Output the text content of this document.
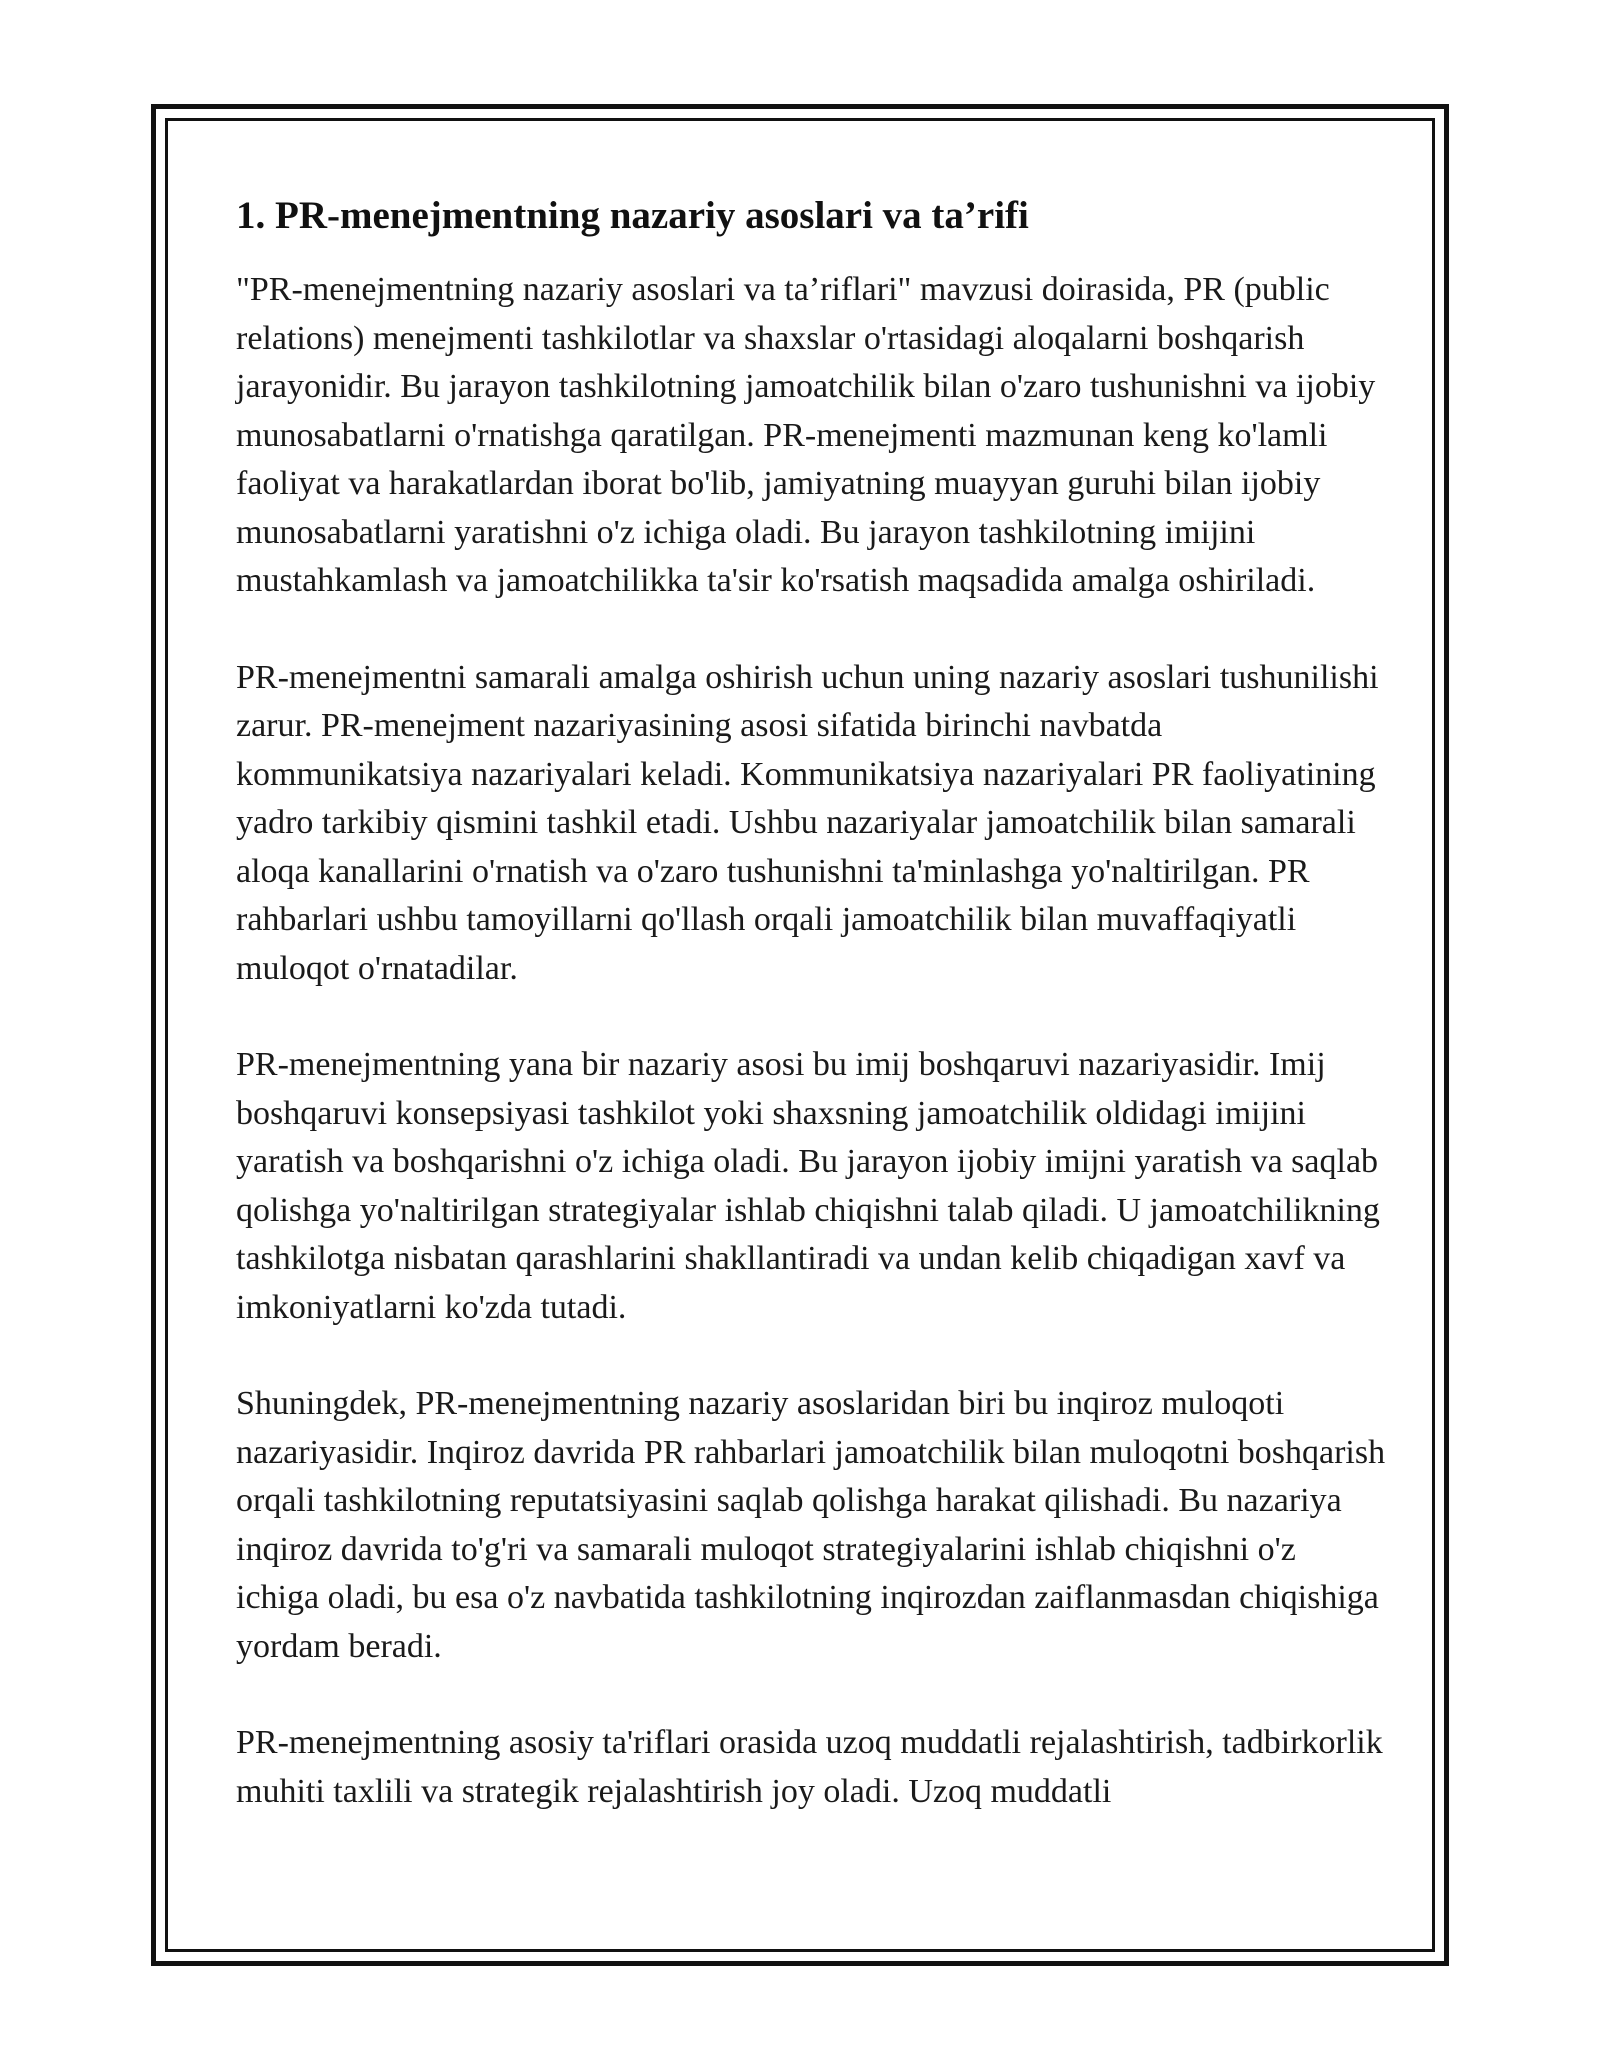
1. PR-menejmentning nazariy asoslari va ta’rifi

"PR-menejmentning nazariy asoslari va ta’riflari" mavzusi doirasida, PR (public relations) menejmenti tashkilotlar va shaxslar o'rtasidagi aloqalarni boshqarish jarayonidir. Bu jarayon tashkilotning jamoatchilik bilan o'zaro tushunishni va ijobiy munosabatlarni o'rnatishga qaratilgan. PR-menejmenti mazmunan keng ko'lamli faoliyat va harakatlardan iborat bo'lib, jamiyatning muayyan guruhi bilan ijobiy munosabatlarni yaratishni o'z ichiga oladi. Bu jarayon tashkilotning imijini mustahkamlash va jamoatchilikka ta'sir ko'rsatish maqsadida amalga oshiriladi.

PR-menejmentni samarali amalga oshirish uchun uning nazariy asoslari tushunilishi zarur. PR-menejment nazariyasining asosi sifatida birinchi navbatda kommunikatsiya nazariyalari keladi. Kommunikatsiya nazariyalari PR faoliyatining yadro tarkibiy qismini tashkil etadi. Ushbu nazariyalar jamoatchilik bilan samarali aloqa kanallarini o'rnatish va o'zaro tushunishni ta'minlashga yo'naltirilgan. PR rahbarlari ushbu tamoyillarni qo'llash orqali jamoatchilik bilan muvaffaqiyatli muloqot o'rnatadilar.

PR-menejmentning yana bir nazariy asosi bu imij boshqaruvi nazariyasidir. Imij boshqaruvi konsepsiyasi tashkilot yoki shaxsning jamoatchilik oldidagi imijini yaratish va boshqarishni o'z ichiga oladi. Bu jarayon ijobiy imijni yaratish va saqlab qolishga yo'naltirilgan strategiyalar ishlab chiqishni talab qiladi. U jamoatchilikning tashkilotga nisbatan qarashlarini shakllantiradi va undan kelib chiqadigan xavf va imkoniyatlarni ko'zda tutadi.

Shuningdek, PR-menejmentning nazariy asoslaridan biri bu inqiroz muloqoti nazariyasidir. Inqiroz davrida PR rahbarlari jamoatchilik bilan muloqotni boshqarish orqali tashkilotning reputatsiyasini saqlab qolishga harakat qilishadi. Bu nazariya inqiroz davrida to'g'ri va samarali muloqot strategiyalarini ishlab chiqishni o'z ichiga oladi, bu esa o'z navbatida tashkilotning inqirozdan zaiflanmasdan chiqishiga yordam beradi.

PR-menejmentning asosiy ta'riflari orasida uzoq muddatli rejalashtirish, tadbirkorlik muhiti taxlili va strategik rejalashtirish joy oladi. Uzoq muddatli
